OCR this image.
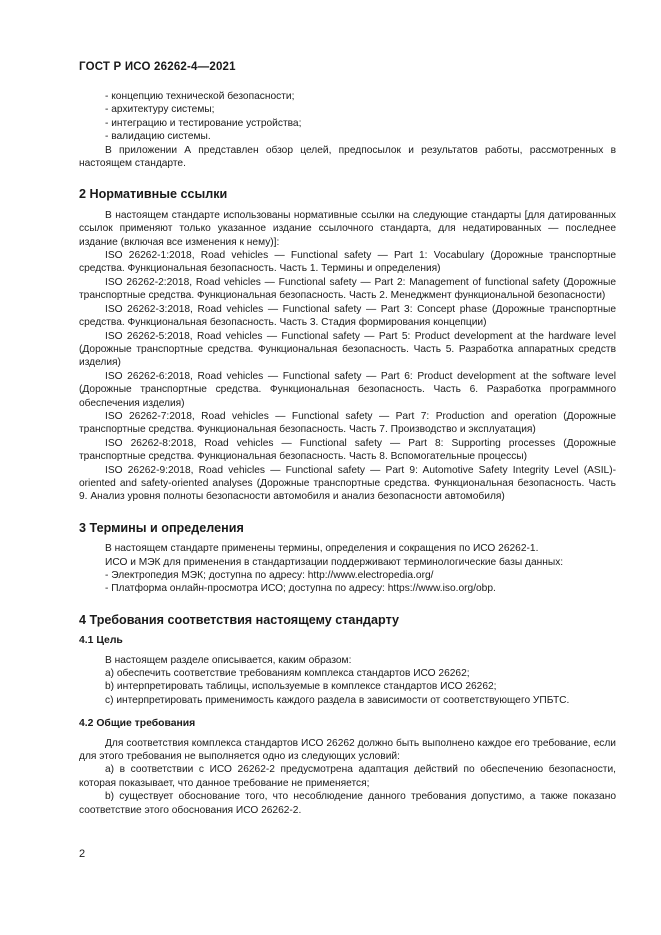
ГОСТ Р ИСО 26262-4—2021

- концепцию технической безопасности;

- архитектуру системы;

- интеграцию и тестирование устройства;

- валидацию системы.

В приложении А представлен обзор целей, предпосылок и результатов работы, рассмотренных в настоящем стандарте.

2 Нормативные ссылки

В настоящем стандарте использованы нормативные ссылки на следующие стандарты [для датированных ссылок применяют только указанное издание ссылочного стандарта, для недатированных — последнее издание (включая все изменения к нему)]:

ISO 26262-1:2018, Road vehicles — Functional safety — Part 1: Vocabulary (Дорожные транспортные средства. Функциональная безопасность. Часть 1. Термины и определения)

ISO 26262-2:2018, Road vehicles — Functional safety — Part 2: Management of functional safety (Дорожные транспортные средства. Функциональная безопасность. Часть 2. Менеджмент функциональной безопасности)

ISO 26262-3:2018, Road vehicles — Functional safety — Part 3: Concept phase (Дорожные транспортные средства. Функциональная безопасность. Часть 3. Стадия формирования концепции)

ISO 26262-5:2018, Road vehicles — Functional safety — Part 5: Product development at the hardware level (Дорожные транспортные средства. Функциональная безопасность. Часть 5. Разработка аппаратных средств изделия)

ISO 26262-6:2018, Road vehicles — Functional safety — Part 6: Product development at the software level (Дорожные транспортные средства. Функциональная безопасность. Часть 6. Разработка программного обеспечения изделия)

ISO 26262-7:2018, Road vehicles — Functional safety — Part 7: Production and operation (Дорожные транспортные средства. Функциональная безопасность. Часть 7. Производство и эксплуатация)

ISO 26262-8:2018, Road vehicles — Functional safety — Part 8: Supporting processes (Дорожные транспортные средства. Функциональная безопасность. Часть 8. Вспомогательные процессы)

ISO 26262-9:2018, Road vehicles — Functional safety — Part 9: Automotive Safety Integrity Level (ASIL)-oriented and safety-oriented analyses (Дорожные транспортные средства. Функциональная безопасность. Часть 9. Анализ уровня полноты безопасности автомобиля и анализ безопасности автомобиля)

3 Термины и определения

В настоящем стандарте применены термины, определения и сокращения по ИСО 26262-1.

ИСО и МЭК для применения в стандартизации поддерживают терминологические базы данных:

- Электропедия МЭК; доступна по адресу: http://www.electropedia.org/

- Платформа онлайн-просмотра ИСО; доступна по адресу: https://www.iso.org/obp.

4 Требования соответствия настоящему стандарту
4.1 Цель

В настоящем разделе описывается, каким образом:

a) обеспечить соответствие требованиям комплекса стандартов ИСО 26262;

b) интерпретировать таблицы, используемые в комплексе стандартов ИСО 26262;

c) интерпретировать применимость каждого раздела в зависимости от соответствующего УПБТС.

4.2 Общие требования

Для соответствия комплекса стандартов ИСО 26262 должно быть выполнено каждое его требование, если для этого требования не выполняется одно из следующих условий:

a) в соответствии с ИСО 26262-2 предусмотрена адаптация действий по обеспечению безопасности, которая показывает, что данное требование не применяется;

b) существует обоснование того, что несоблюдение данного требования допустимо, а также показано соответствие этого обоснования ИСО 26262-2.

2
